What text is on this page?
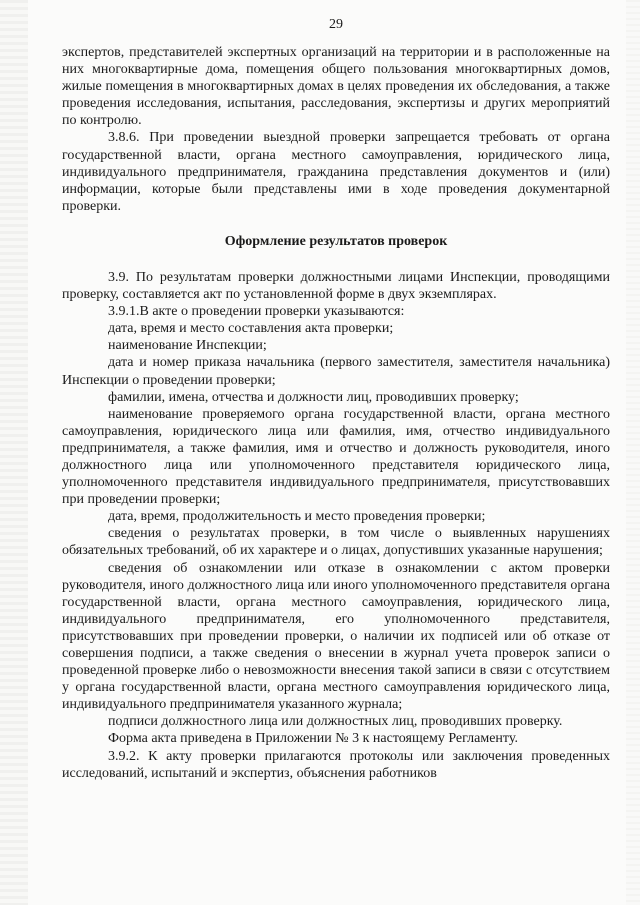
29

экспертов, представителей экспертных организаций на территории и в расположенные на них многоквартирные дома, помещения общего пользования многоквартирных домов, жилые помещения в многоквартирных домах в целях проведения их обследования, а также проведения исследования, испытания, расследования, экспертизы и других мероприятий по контролю.

3.8.6. При проведении выездной проверки запрещается требовать от органа государственной власти, органа местного самоуправления, юридического лица, индивидуального предпринимателя, гражданина представления документов и (или) информации, которые были представлены ими в ходе проведения документарной проверки.

Оформление результатов проверок

3.9. По результатам проверки должностными лицами Инспекции, проводящими проверку, составляется акт по установленной форме в двух экземплярах.

3.9.1.В акте о проведении проверки указываются:

дата, время и место составления акта проверки;

наименование Инспекции;

дата и номер приказа начальника (первого заместителя, заместителя начальника) Инспекции о проведении проверки;

фамилии, имена, отчества и должности лиц, проводивших проверку;

наименование проверяемого органа государственной власти, органа местного самоуправления, юридического лица или фамилия, имя, отчество индивидуального предпринимателя, а также фамилия, имя и отчество и должность руководителя, иного должностного лица или уполномоченного представителя юридического лица, уполномоченного представителя индивидуального предпринимателя, присутствовавших при проведении проверки;

дата, время, продолжительность и место проведения проверки;

сведения о результатах проверки, в том числе о выявленных нарушениях обязательных требований, об их характере и о лицах, допустивших указанные нарушения;

сведения об ознакомлении или отказе в ознакомлении с актом проверки руководителя, иного должностного лица или иного уполномоченного представителя органа государственной власти, органа местного самоуправления, юридического лица, индивидуального предпринимателя, его уполномоченного представителя, присутствовавших при проведении проверки, о наличии их подписей или об отказе от совершения подписи, а также сведения о внесении в журнал учета проверок записи о проведенной проверке либо о невозможности внесения такой записи в связи с отсутствием у органа государственной власти, органа местного самоуправления юридического лица, индивидуального предпринимателя указанного журнала;

подписи должностного лица или должностных лиц, проводивших проверку.

Форма акта приведена в Приложении № 3 к настоящему Регламенту.

3.9.2. К акту проверки прилагаются протоколы или заключения проведенных исследований, испытаний и экспертиз, объяснения работников
